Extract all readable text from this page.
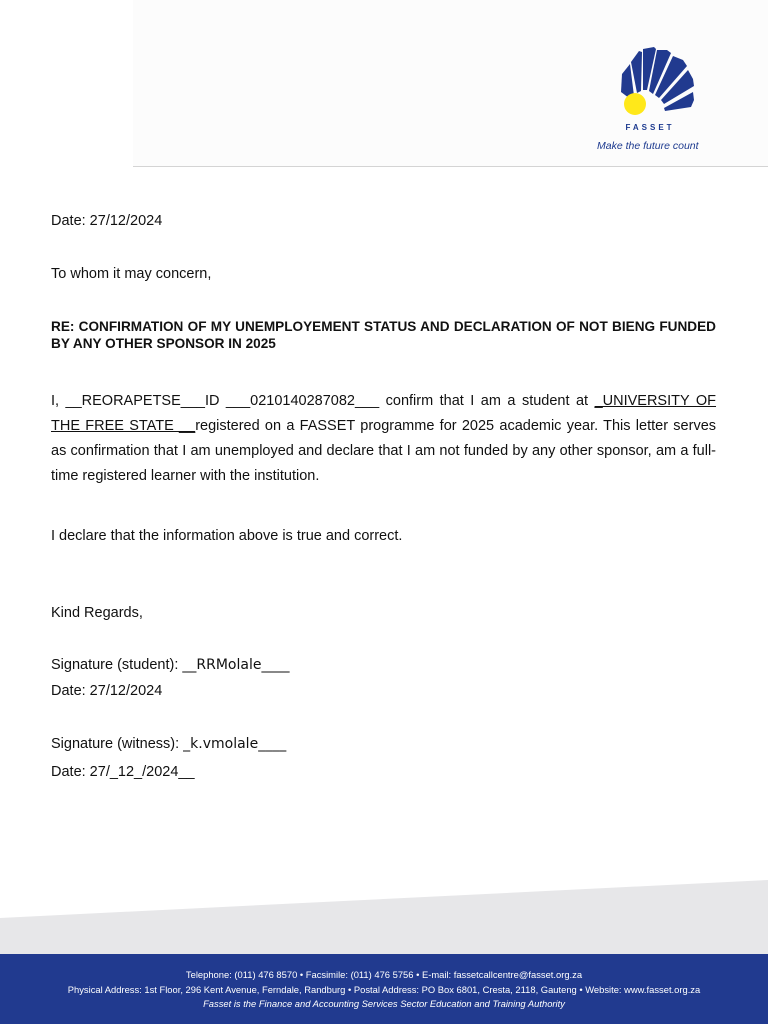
FASSET
Make the future count
Date: 27/12/2024
To whom it may concern,
RE: CONFIRMATION OF MY UNEMPLOYEMENT STATUS AND DECLARATION OF NOT BIENG FUNDED BY ANY OTHER SPONSOR IN 2025
I, __REORAPETSE___ID ___0210140287082___ confirm that I am a student at _UNIVERSITY OF THE FREE STATE __registered on a FASSET programme for 2025 academic year. This letter serves as confirmation that I am unemployed and declare that I am not funded by any other sponsor, am a full-time registered learner with the institution.
I declare that the information above is true and correct.
Kind Regards,
Signature (student): __RRMolale____
Date: 27/12/2024
Signature (witness): _k.vmolale____
Date: 27/_12_/2024__
Telephone: (011) 476 8570 • Facsimile: (011) 476 5756 • E-mail: fassetcallcentre@fasset.org.za
Physical Address: 1st Floor, 296 Kent Avenue, Ferndale, Randburg • Postal Address: PO Box 6801, Cresta, 2118, Gauteng • Website: www.fasset.org.za
Fasset is the Finance and Accounting Services Sector Education and Training Authority
